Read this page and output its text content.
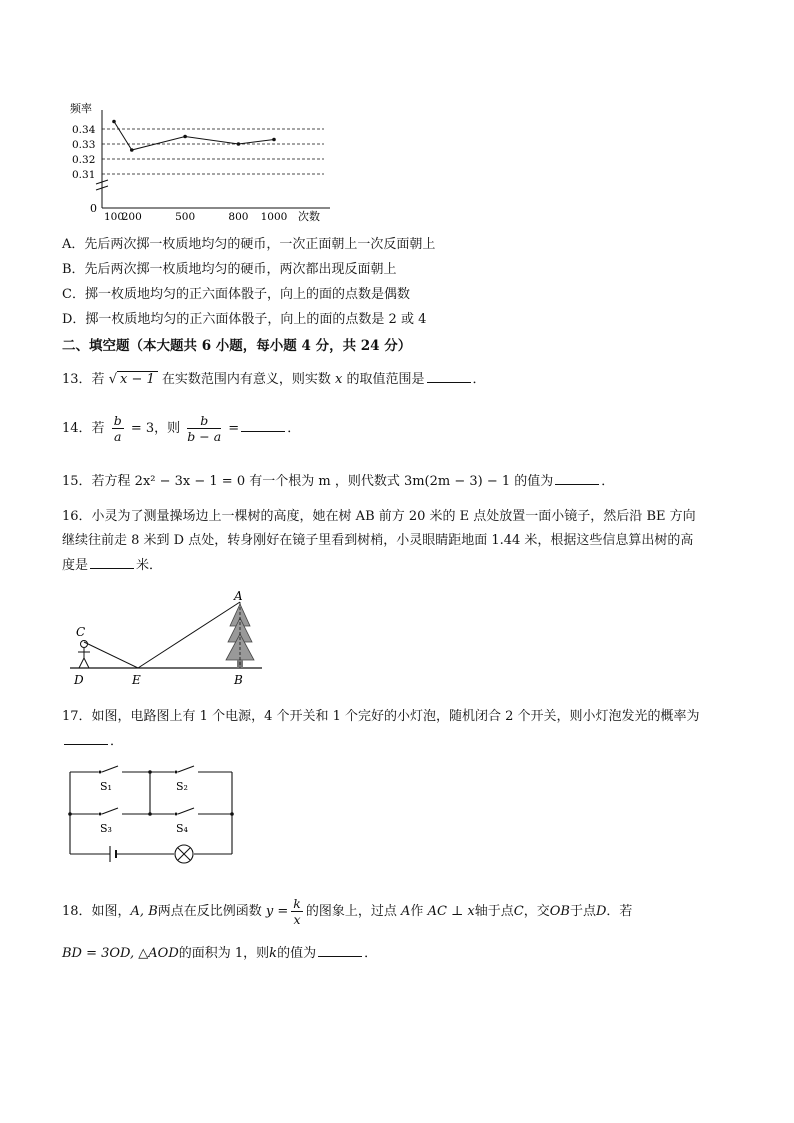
频率
0.34
0.33
0.32
0.31
100
200	500	800 1000
0
次数
A．先后两次掷一枚质地均匀的硬币，一次正面朝上一次反面朝上
B．先后两次掷一枚质地均匀的硬币，两次都出现反面朝上
C．掷一枚质地均匀的正六面体骰子，向上的面的点数是偶数
D．掷一枚质地均匀的正六面体骰子，向上的面的点数是 2 或 4
二、填空题（本大题共 6 小题，每小题 4 分，共 24 分）
13．若 √ x − 1 在实数范围内有意义，则实数 x 的取值范围是	．
14．若 $\frac{b}{a} = 3$，则 $\frac{b}{b - a}$ =	．
15．若方程 2x² − 3x − 1 = 0 有一个根为 m ，则代数式 3m(2m − 3) − 1 的值为	．
16．小灵为了测量操场边上一棵树的高度，她在树 AB 前方 20 米的 E 点处放置一面小镜子，然后沿 BE 方向
继续往前走 8 米到 D 点处，转身刚好在镜子里看到树梢，小灵眼睛距地面 1.44 米，根据这些信息算出树的高
度是	米．
A
C
D	E	B
17．如图，电路图上有 1 个电源，4 个开关和 1 个完好的小灯泡，随机闭合 2 个开关，则小灯泡发光的概率为
．
S₁	S₂
S₃	S₄
18．如图，A, B两点在反比例函数 $y = \frac{k}{x}$ 的图象上，过点 A作 AC ⊥ x轴于点C，交OB于点D．若
BD = 3OD, △AOD的面积为 1，则k的值为	．
